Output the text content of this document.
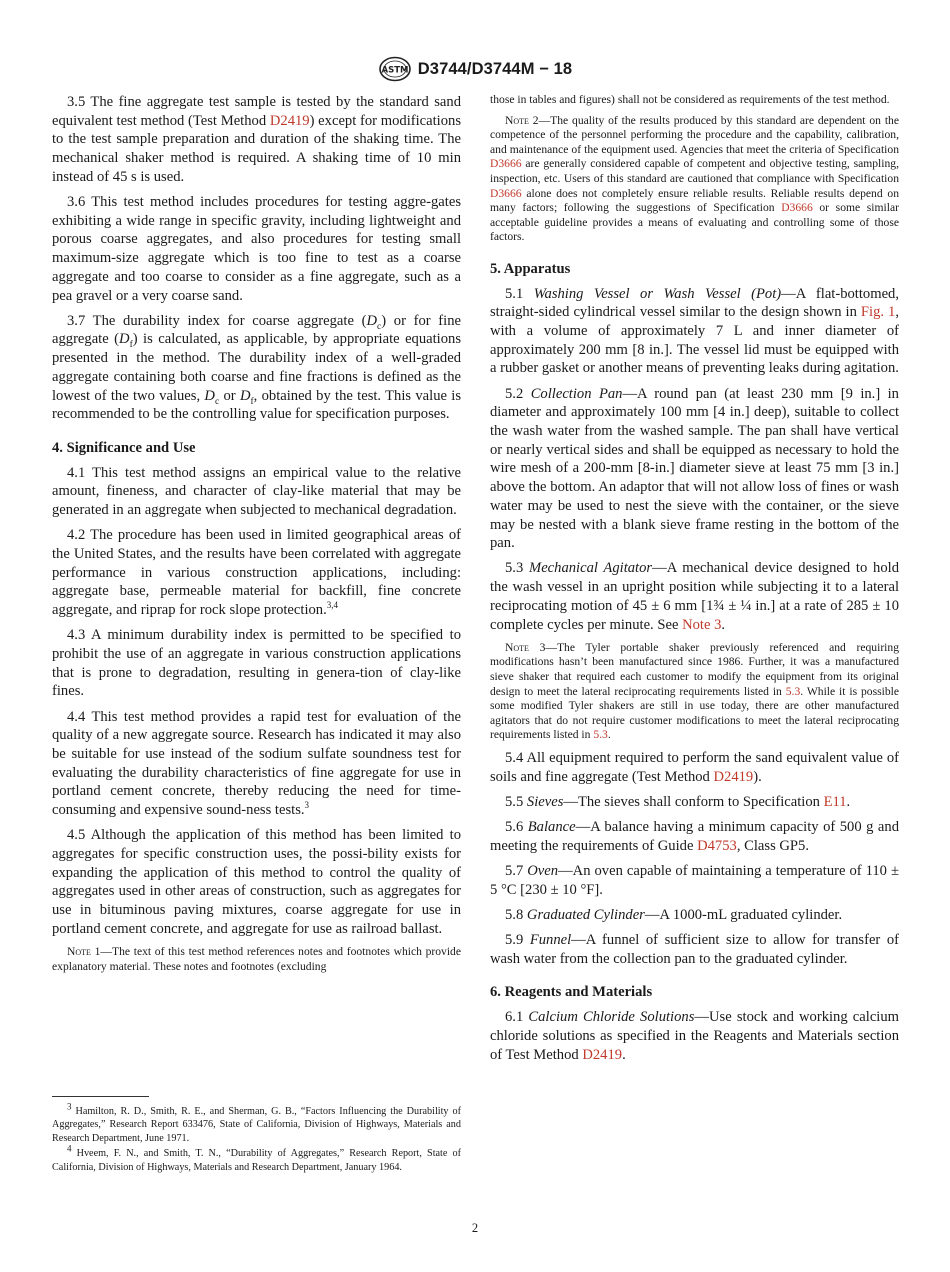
ASTM D3744/D3744M − 18

3.5 The fine aggregate test sample is tested by the standard sand equivalent test method (Test Method D2419) except for modifications to the test sample preparation and duration of the shaking time. The mechanical shaker method is required. A shaking time of 10 min instead of 45 s is used.

3.6 This test method includes procedures for testing aggre-gates exhibiting a wide range in specific gravity, including lightweight and porous coarse aggregates, and also procedures for testing small maximum-size aggregate which is too fine to test as a coarse aggregate and too coarse to consider as a fine aggregate, such as a pea gravel or a very coarse sand.

3.7 The durability index for coarse aggregate $(D_c)$ or for fine aggregate $(D_f)$ is calculated, as applicable, by appropriate equations presented in the method. The durability index of a well-graded aggregate containing both coarse and fine fractions is defined as the lowest of the two values, $D_c$ or $D_f$, obtained by the test. This value is recommended to be the controlling value for specification purposes.

4. Significance and Use

4.1 This test method assigns an empirical value to the relative amount, fineness, and character of clay-like material that may be generated in an aggregate when subjected to mechanical degradation.

4.2 The procedure has been used in limited geographical areas of the United States, and the results have been correlated with aggregate performance in various construction applications, including: aggregate base, permeable material for backfill, fine concrete aggregate, and riprap for rock slope protection.$^{3,4}$

4.3 A minimum durability index is permitted to be specified to prohibit the use of an aggregate in various construction applications that is prone to degradation, resulting in genera-tion of clay-like fines.

4.4 This test method provides a rapid test for evaluation of the quality of a new aggregate source. Research has indicated it may also be suitable for use instead of the sodium sulfate soundness test for evaluating the durability characteristics of fine aggregate for use in portland cement concrete, thereby reducing the need for time-consuming and expensive sound-ness tests.$^3$

4.5 Although the application of this method has been limited to aggregates for specific construction uses, the possi-bility exists for expanding the application of this method to control the quality of aggregates used in other areas of construction, such as aggregates for use in bituminous paving mixtures, coarse aggregate for use in portland cement concrete, and aggregate for use as railroad ballast.

Note 1—The text of this test method references notes and footnotes which provide explanatory material. These notes and footnotes (excluding

$^3$ Hamilton, R. D., Smith, R. E., and Sherman, G. B., “Factors Influencing the Durability of Aggregates,” Research Report 633476, State of California, Division of Highways, Materials and Research Department, June 1971.

$^4$ Hveem, F. N., and Smith, T. N., “Durability of Aggregates,” Research Report, State of California, Division of Highways, Materials and Research Department, January 1964.

those in tables and figures) shall not be considered as requirements of the test method.

Note 2—The quality of the results produced by this standard are dependent on the competence of the personnel performing the procedure and the capability, calibration, and maintenance of the equipment used. Agencies that meet the criteria of Specification D3666 are generally considered capable of competent and objective testing, sampling, inspection, etc. Users of this standard are cautioned that compliance with Specification D3666 alone does not completely ensure reliable results. Reliable results depend on many factors; following the suggestions of Specification D3666 or some similar acceptable guideline provides a means of evaluating and controlling some of those factors.

5. Apparatus

5.1 Washing Vessel or Wash Vessel (Pot)—A flat-bottomed, straight-sided cylindrical vessel similar to the design shown in Fig. 1, with a volume of approximately 7 L and inner diameter of approximately 200 mm [8 in.]. The vessel lid must be equipped with a rubber gasket or another means of preventing leaks during agitation.

5.2 Collection Pan—A round pan (at least 230 mm [9 in.] in diameter and approximately 100 mm [4 in.] deep), suitable to collect the wash water from the washed sample. The pan shall have vertical or nearly vertical sides and shall be equipped as necessary to hold the wire mesh of a 200-mm [8-in.] diameter sieve at least 75 mm [3 in.] above the bottom. An adaptor that will not allow loss of fines or wash water may be used to nest the sieve with the container, or the sieve may be nested with a blank sieve frame resting in the bottom of the pan.

5.3 Mechanical Agitator—A mechanical device designed to hold the wash vessel in an upright position while subjecting it to a lateral reciprocating motion of 45 ± 6 mm [1¾ ± ¼ in.] at a rate of 285 ± 10 complete cycles per minute. See Note 3.

Note 3—The Tyler portable shaker previously referenced and requiring modifications hasn’t been manufactured since 1986. Further, it was a manufactured sieve shaker that required each customer to modify the equipment from its original design to meet the lateral reciprocating requirements listed in 5.3. While it is possible some modified Tyler shakers are still in use today, there are other manufactured agitators that do not require customer modifications to meet the lateral reciprocating requirements listed in 5.3.

5.4 All equipment required to perform the sand equivalent value of soils and fine aggregate (Test Method D2419).

5.5 Sieves—The sieves shall conform to Specification E11.

5.6 Balance—A balance having a minimum capacity of 500 g and meeting the requirements of Guide D4753, Class GP5.

5.7 Oven—An oven capable of maintaining a temperature of 110 ± 5 °C [230 ± 10 °F].

5.8 Graduated Cylinder—A 1000-mL graduated cylinder.

5.9 Funnel—A funnel of sufficient size to allow for transfer of wash water from the collection pan to the graduated cylinder.

6. Reagents and Materials

6.1 Calcium Chloride Solutions—Use stock and working calcium chloride solutions as specified in the Reagents and Materials section of Test Method D2419.

2
